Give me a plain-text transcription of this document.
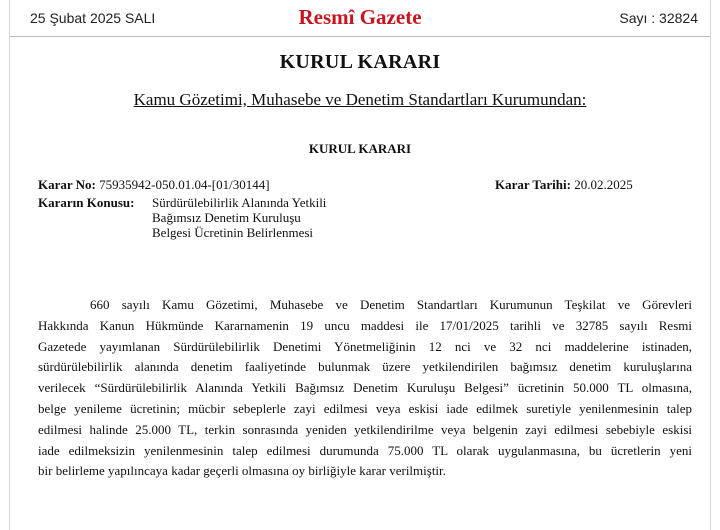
25 Şubat 2025 SALI	Resmî Gazete	Sayı : 32824
KURUL KARARI
Kamu Gözetimi, Muhasebe ve Denetim Standartları Kurumundan:
KURUL KARARI
Karar No: 75935942-050.01.04-[01/30144]	Karar Tarihi: 20.02.2025
Kararın Konusu: Sürdürülebilirlik Alanında Yetkili
Bağımsız Denetim Kuruluşu
Belgesi Ücretinin Belirlenmesi
660 sayılı Kamu Gözetimi, Muhasebe ve Denetim Standartları Kurumunun Teşkilat ve Görevleri
Hakkında Kanun Hükmünde Kararnamenin 19 uncu maddesi ile 17/01/2025 tarihli ve 32785 sayılı Resmi
Gazetede yayımlanan Sürdürülebilirlik Denetimi Yönetmeliğinin 12 nci ve 32 nci maddelerine istinaden,
sürdürülebilirlik alanında denetim faaliyetinde bulunmak üzere yetkilendirilen bağımsız denetim kuruluşlarına
verilecek “Sürdürülebilirlik Alanında Yetkili Bağımsız Denetim Kuruluşu Belgesi” ücretinin 50.000 TL olmasına,
belge yenileme ücretinin; mücbir sebeplerle zayi edilmesi veya eskisi iade edilmek suretiyle yenilenmesinin talep
edilmesi halinde 25.000 TL, terkin sonrasında yeniden yetkilendirilme veya belgenin zayi edilmesi sebebiyle eskisi
iade edilmeksizin yenilenmesinin talep edilmesi durumunda 75.000 TL olarak uygulanmasına, bu ücretlerin yeni
bir belirleme yapılıncaya kadar geçerli olmasına oy birliğiyle karar verilmiştir.
